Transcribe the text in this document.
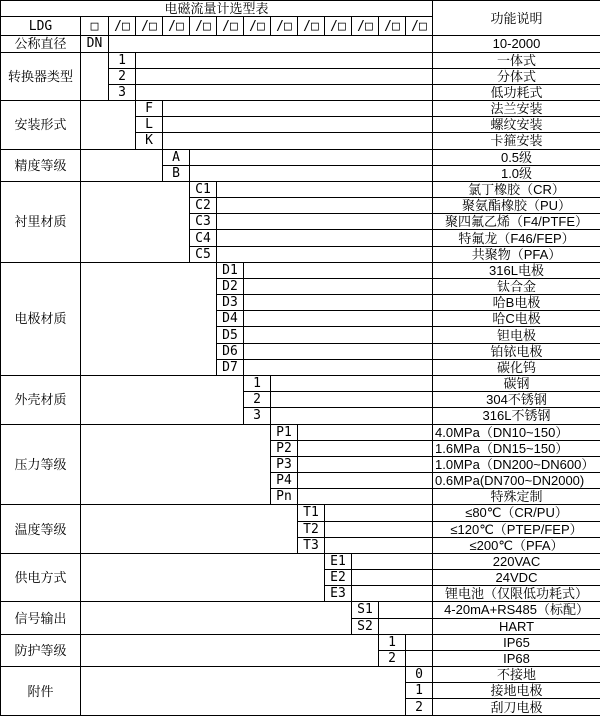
电磁流量计选型表														功能说明
LDG	□	/□	/□	/□	/□	/□	/□	/□	/□	/□	/□	/□	/□	
公称直径	DN													10-2000
转换器类型		1												一体式
		2												分体式
		3												低功耗式
安装形式			F											法兰安装
			L											螺纹安装
			K											卡箍安装
精度等级				A										0.5级
				B										1.0级
衬里材质					C1									氯丁橡胶（CR）
					C2									聚氨酯橡胶（PU）
					C3									聚四氟乙烯（F4/PTFE）
					C4									特氟龙（F46/FEP）
					C5									共聚物（PFA）
电极材质						D1								316L电极
						D2								钛合金
						D3								哈B电极
						D4								哈C电极
						D5								钽电极
						D6								铂铱电极
						D7								碳化钨
外壳材质							1							碳钢
							2							304不锈钢
							3							316L不锈钢
压力等级								P1						4.0MPa（DN10~150）
								P2						1.6MPa（DN15~150）
								P3						1.0MPa（DN200~DN600）
								P4						0.6MPa(DN700~DN2000)
								Pn						特殊定制
温度等级									T1					≤80℃（CR/PU）
									T2					≤120℃（PTEP/FEP）
									T3					≤200℃（PFA）
供电方式										E1				220VAC
										E2				24VDC
										E3				锂电池（仅限低功耗式）
信号输出											S1			4-20mA+RS485（标配）
											S2			HART
防护等级												1		IP65
												2		IP68
附件													0	不接地
													1	接地电极
													2	刮刀电极
